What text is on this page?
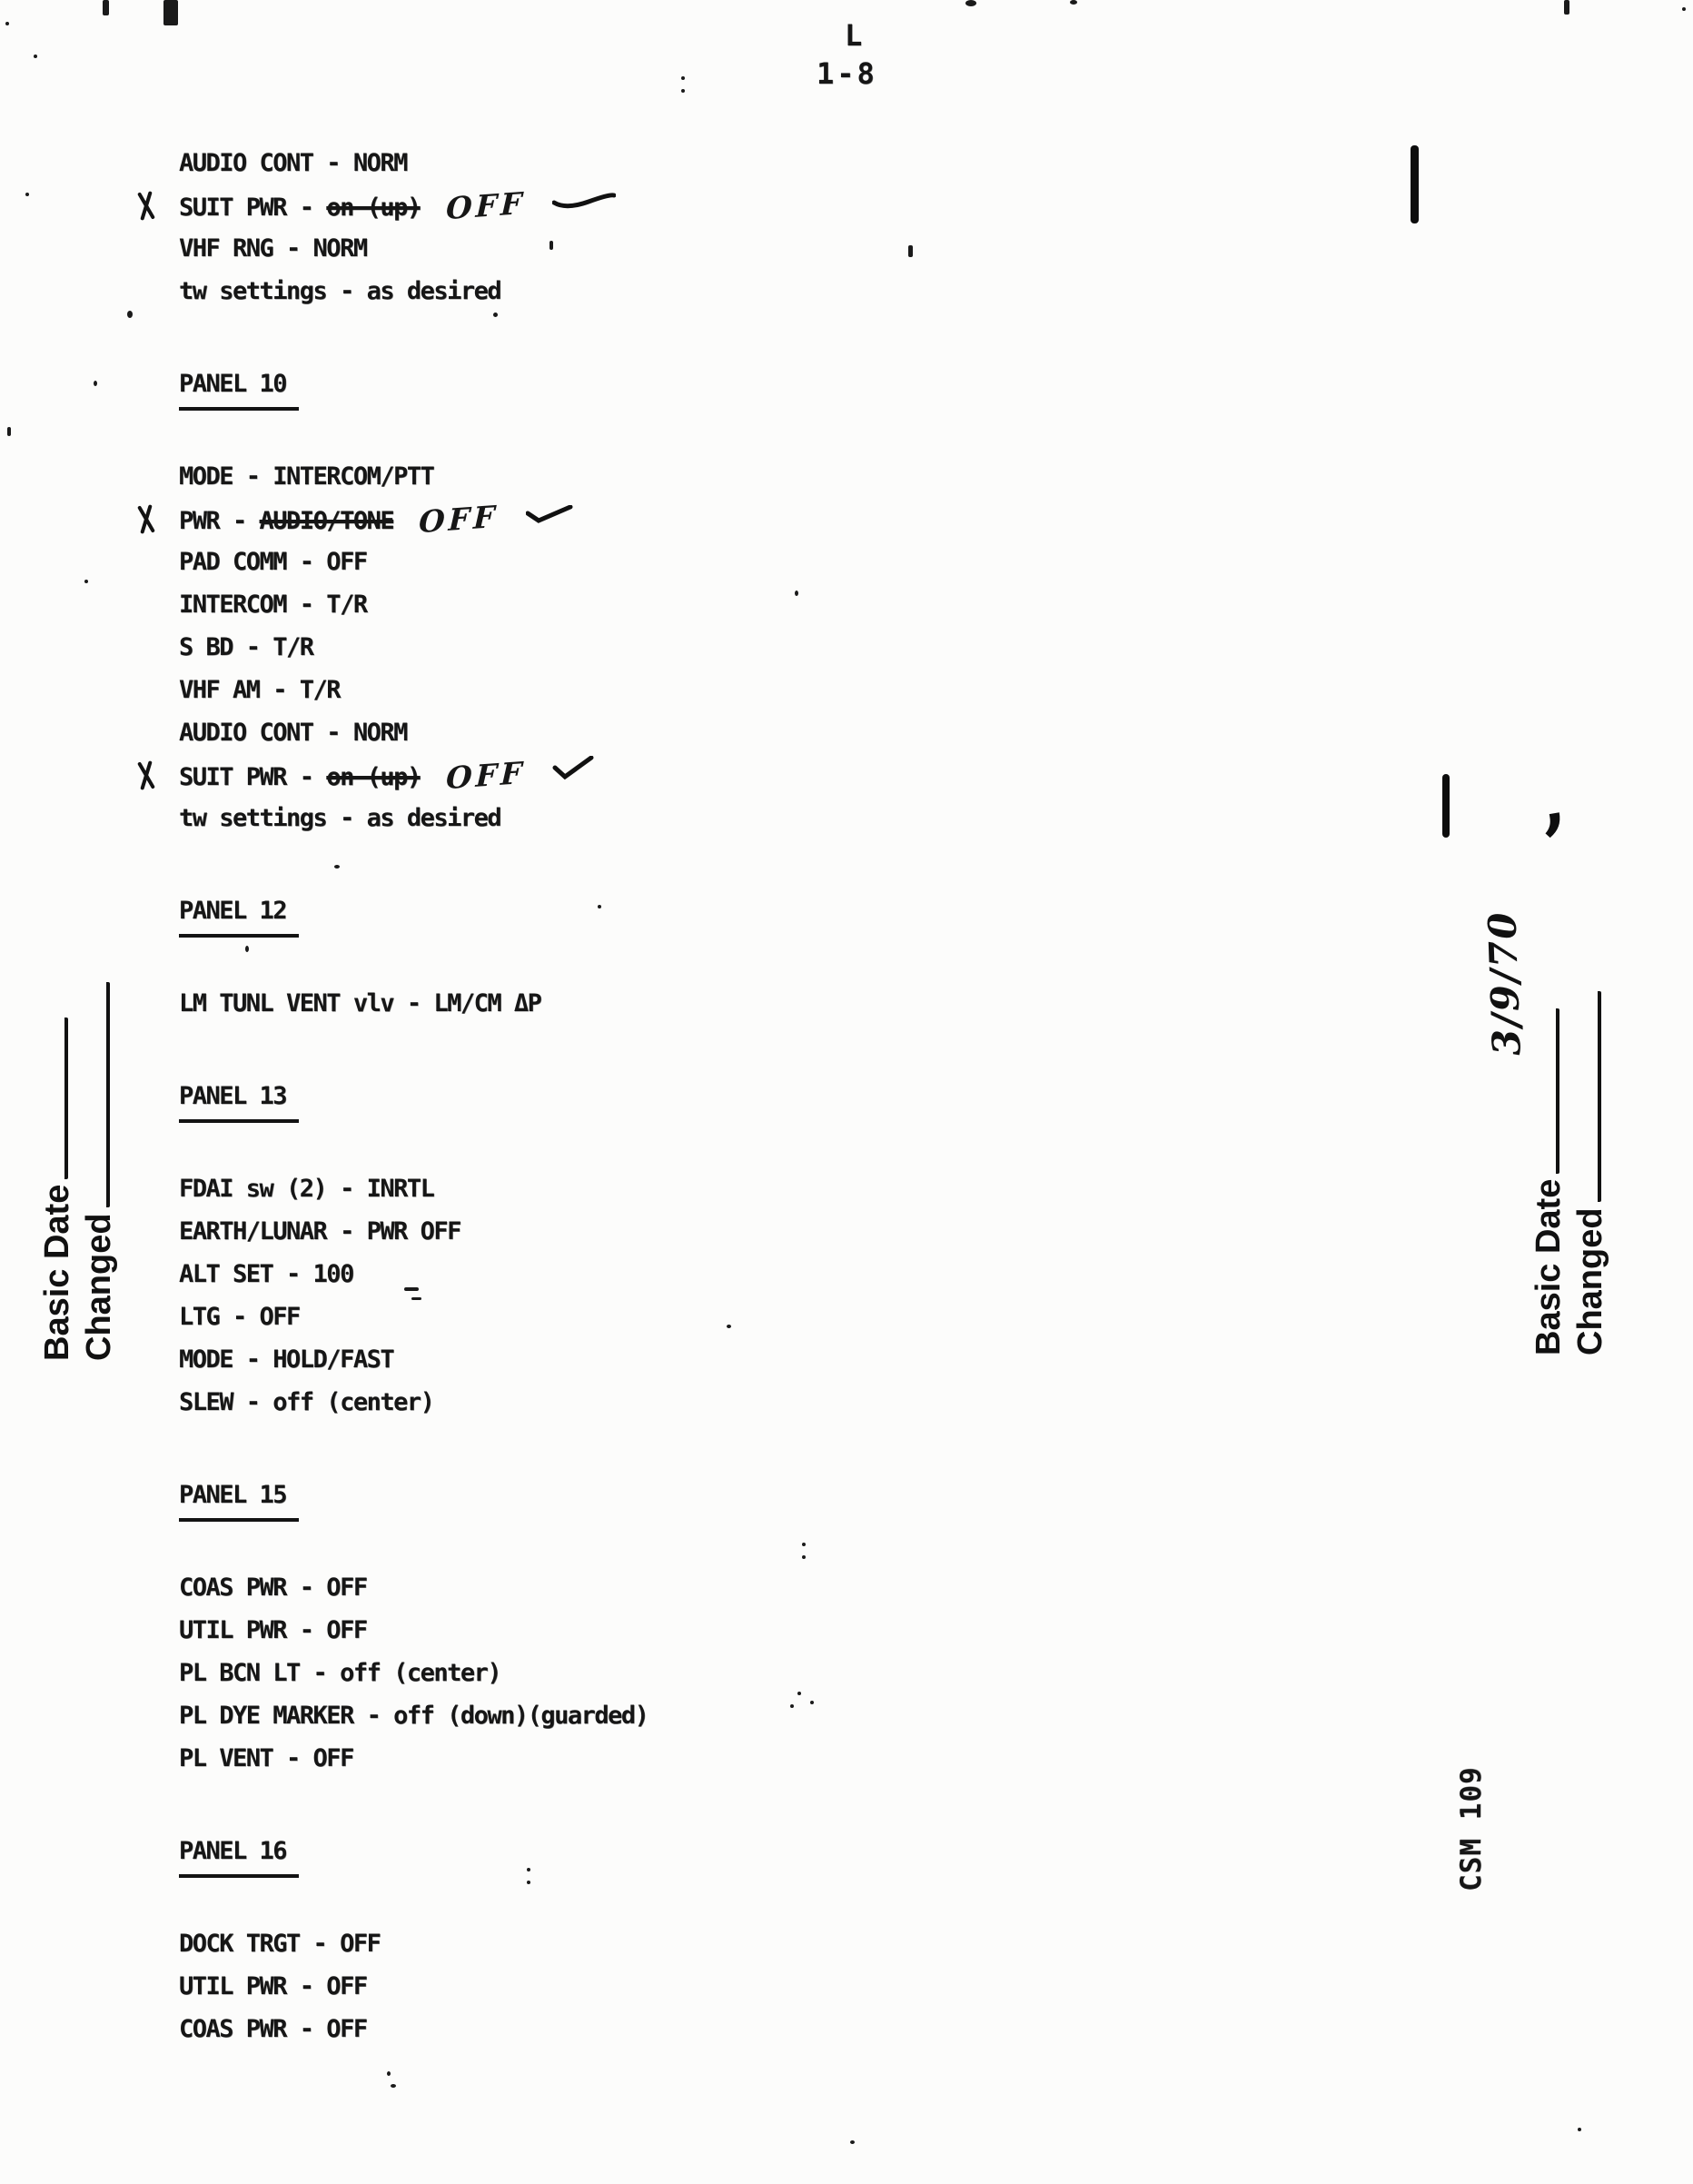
L
1-8
AUDIO CONT - NORM
SUIT PWR - on (up) OFF
VHF RNG - NORM
tw settings - as desired
PANEL 10
MODE - INTERCOM/PTT
PWR - AUDIO/TONE OFF
PAD COMM - OFF
INTERCOM - T/R
S BD - T/R
VHF AM - T/R
AUDIO CONT - NORM
SUIT PWR - on (up) OFF
tw settings - as desired
PANEL 12
LM TUNL VENT vlv - LM/CM ΔP
PANEL 13
FDAI sw (2) - INRTL
EARTH/LUNAR - PWR OFF
ALT SET - 100
LTG - OFF
MODE - HOLD/FAST
SLEW - off (center)
PANEL 15
COAS PWR - OFF
UTIL PWR - OFF
PL BCN LT - off (center)
PL DYE MARKER - off (down)(guarded)
PL VENT - OFF
PANEL 16
DOCK TRGT - OFF
UTIL PWR - OFF
COAS PWR - OFF
Basic Date Changed
3/9/70
Basic Date Changed
CSM 109
,
